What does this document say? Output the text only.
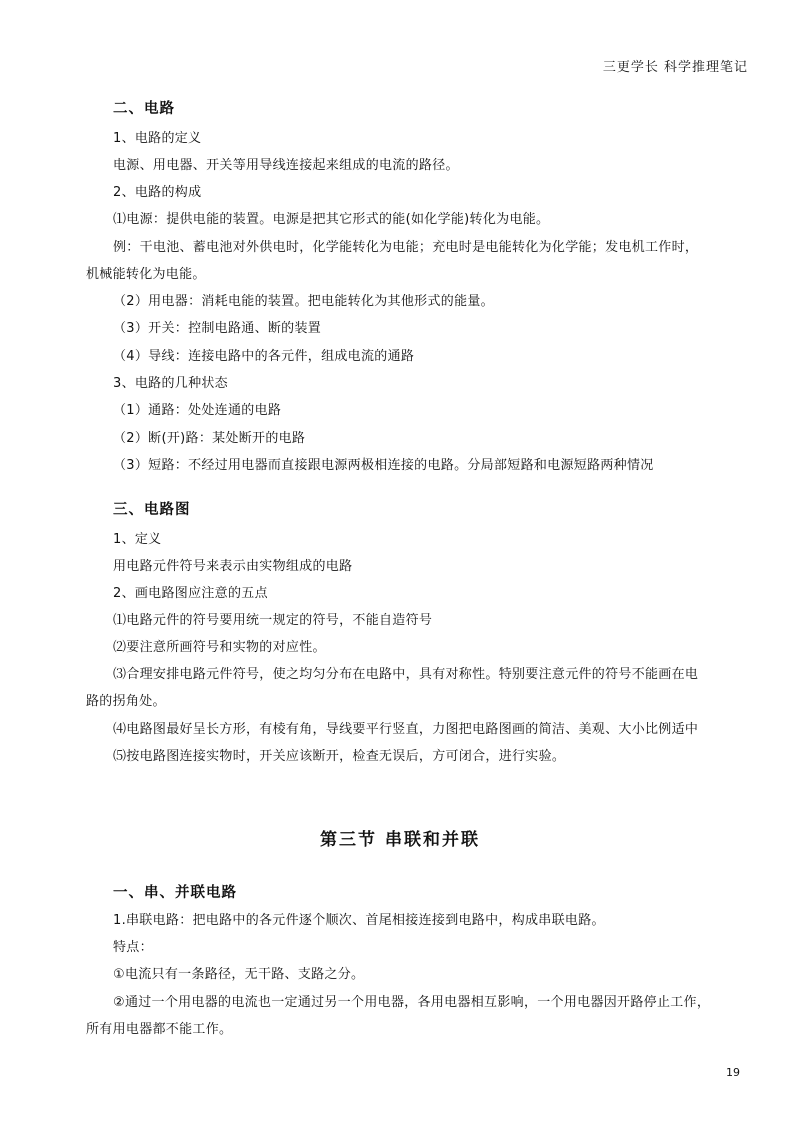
三更学长 科学推理笔记
二、电路
1、电路的定义
电源、用电器、开关等用导线连接起来组成的电流的路径。
2、电路的构成
⑴电源：提供电能的装置。电源是把其它形式的能(如化学能)转化为电能。
例：干电池、蓄电池对外供电时，化学能转化为电能；充电时是电能转化为化学能；发电机工作时，
机械能转化为电能。
（2）用电器：消耗电能的装置。把电能转化为其他形式的能量。
（3）开关：控制电路通、断的装置
（4）导线：连接电路中的各元件，组成电流的通路
3、电路的几种状态
（1）通路：处处连通的电路
（2）断(开)路：某处断开的电路
（3）短路：不经过用电器而直接跟电源两极相连接的电路。分局部短路和电源短路两种情况
三、电路图
1、定义
用电路元件符号来表示由实物组成的电路
2、画电路图应注意的五点
⑴电路元件的符号要用统一规定的符号，不能自造符号
⑵要注意所画符号和实物的对应性。
⑶合理安排电路元件符号，使之均匀分布在电路中，具有对称性。特别要注意元件的符号不能画在电
路的拐角处。
⑷电路图最好呈长方形，有棱有角，导线要平行竖直，力图把电路图画的简洁、美观、大小比例适中
⑸按电路图连接实物时，开关应该断开，检查无误后，方可闭合，进行实验。
第三节 串联和并联
一、串、并联电路
1.串联电路：把电路中的各元件逐个顺次、首尾相接连接到电路中，构成串联电路。
特点：
①电流只有一条路径，无干路、支路之分。
②通过一个用电器的电流也一定通过另一个用电器，各用电器相互影响，一个用电器因开路停止工作，
所有用电器都不能工作。
19
